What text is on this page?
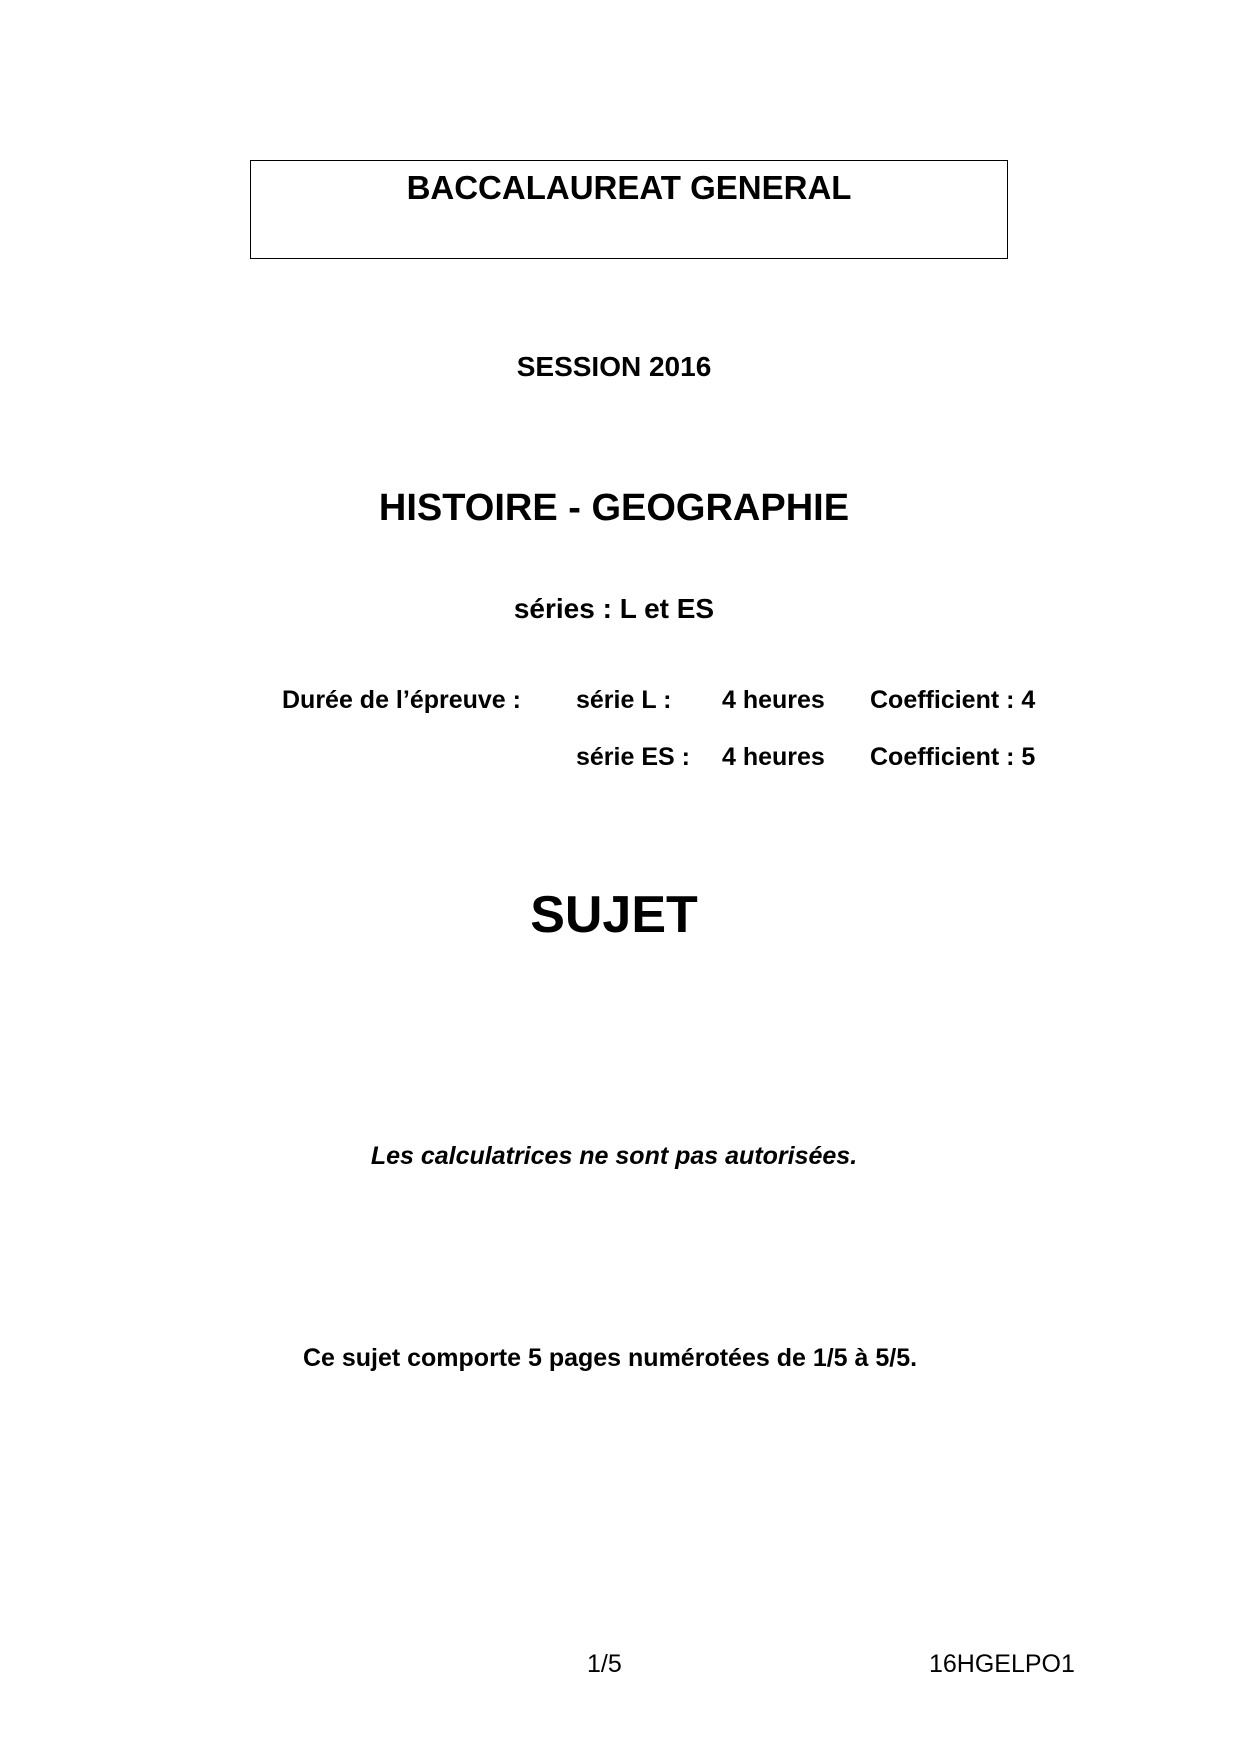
BACCALAUREAT GENERAL
SESSION 2016
HISTOIRE - GEOGRAPHIE
séries : L et ES
Durée de l’épreuve : série L : 4 heures Coefficient : 4
série ES : 4 heures Coefficient : 5
SUJET
Les calculatrices ne sont pas autorisées.
Ce sujet comporte 5 pages numérotées de 1/5 à 5/5.
1/5	16HGELPO1
